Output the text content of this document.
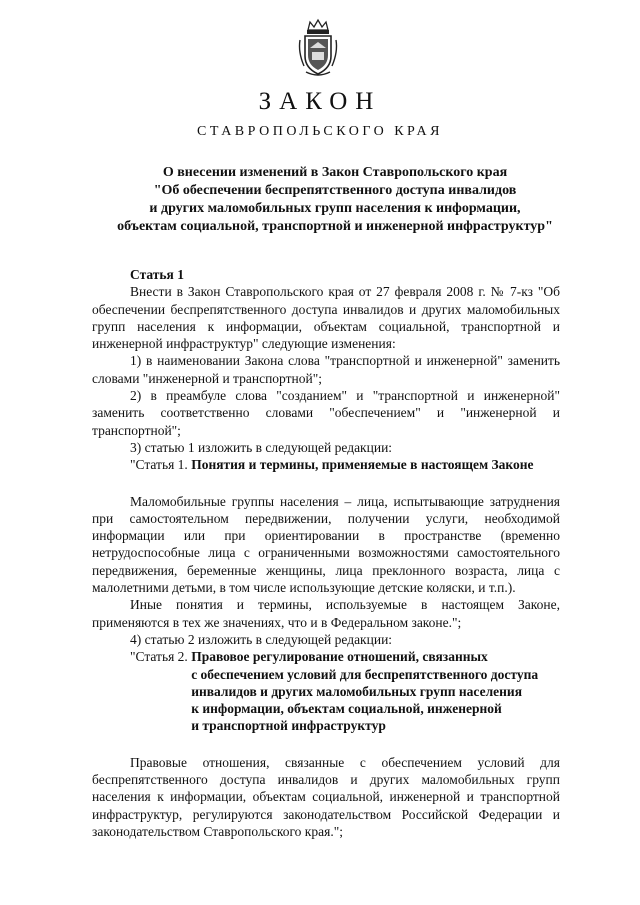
ЗАКОН
СТАВРОПОЛЬСКОГО КРАЯ
О внесении изменений в Закон Ставропольского края
"Об обеспечении беспрепятственного доступа инвалидов
и других маломобильных групп населения к информации,
объектам социальной, транспортной и инженерной инфраструктур"

Статья 1

Внести в Закон Ставропольского края от 27 февраля 2008 г. № 7-кз "Об обеспечении беспрепятственного доступа инвалидов и других маломобильных групп населения к информации, объектам социальной, транспортной и инженерной инфраструктур" следующие изменения:

1) в наименовании Закона слова "транспортной и инженерной" заменить словами "инженерной и транспортной";

2) в преамбуле слова "созданием" и "транспортной и инженерной" заменить соответственно словами "обеспечением" и "инженерной и транспортной";

3) статью 1 изложить в следующей редакции:

"Статья 1. Понятия и термины, применяемые в настоящем Законе

Маломобильные группы населения – лица, испытывающие затруднения при самостоятельном передвижении, получении услуги, необходимой информации или при ориентировании в пространстве (временно нетрудоспособные лица с ограниченными возможностями самостоятельного передвижения, беременные женщины, лица преклонного возраста, лица с малолетними детьми, в том числе использующие детские коляски, и т.п.).

Иные понятия и термины, используемые в настоящем Законе, применяются в тех же значениях, что и в Федеральном законе.";

4) статью 2 изложить в следующей редакции:

"Статья 2. Правовое регулирование отношений, связанных
с обеспечением условий для беспрепятственного доступа
инвалидов и других маломобильных групп населения
к информации, объектам социальной, инженерной
и транспортной инфраструктур

Правовые отношения, связанные с обеспечением условий для беспрепятственного доступа инвалидов и других маломобильных групп населения к информации, объектам социальной, инженерной и транспортной инфраструктур, регулируются законодательством Российской Федерации и законодательством Ставропольского края.";
